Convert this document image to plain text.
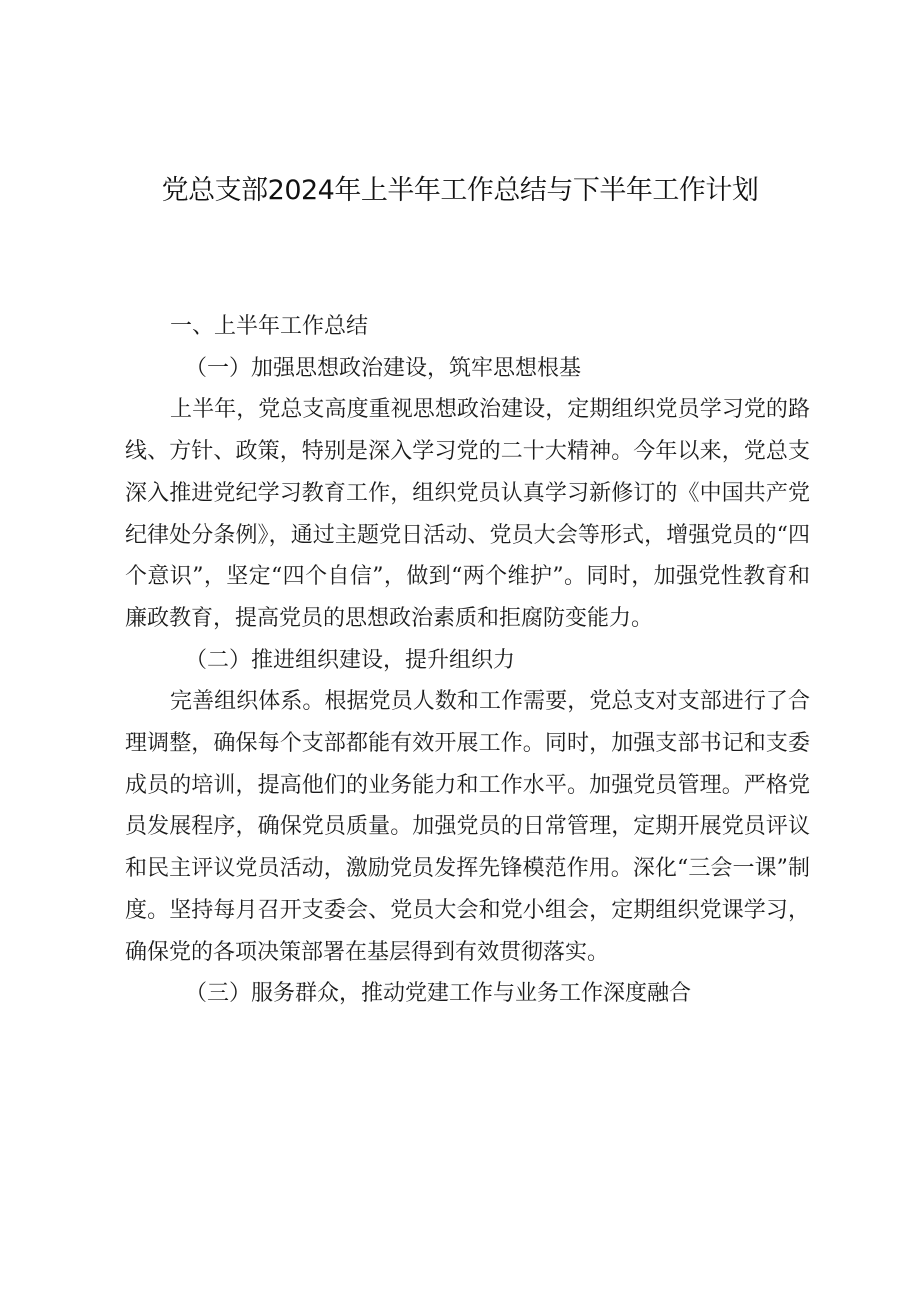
党总支部2024年上半年工作总结与下半年工作计划

一、上半年工作总结

（一）加强思想政治建设，筑牢思想根基

上半年，党总支高度重视思想政治建设，定期组织党员学习党的路线、方针、政策，特别是深入学习党的二十大精神。今年以来，党总支深入推进党纪学习教育工作，组织党员认真学习新修订的《中国共产党纪律处分条例》，通过主题党日活动、党员大会等形式，增强党员的“四个意识”，坚定“四个自信”，做到“两个维护”。同时，加强党性教育和廉政教育，提高党员的思想政治素质和拒腐防变能力。

（二）推进组织建设，提升组织力

完善组织体系。根据党员人数和工作需要，党总支对支部进行了合理调整，确保每个支部都能有效开展工作。同时，加强支部书记和支委成员的培训，提高他们的业务能力和工作水平。加强党员管理。严格党员发展程序，确保党员质量。加强党员的日常管理，定期开展党员评议和民主评议党员活动，激励党员发挥先锋模范作用。深化“三会一课”制度。坚持每月召开支委会、党员大会和党小组会，定期组织党课学习，确保党的各项决策部署在基层得到有效贯彻落实。

（三）服务群众，推动党建工作与业务工作深度融合
